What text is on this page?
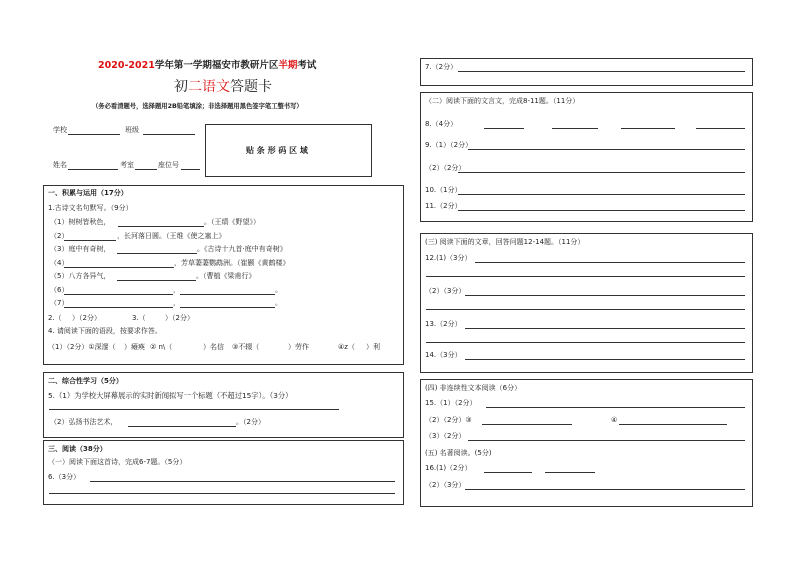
2020-2021学年第一学期福安市教研片区半期考试
初二语文答题卡
（务必看清题号，选择题用2B铅笔填涂；非选择题用黑色签字笔工整书写）
学校	班级
姓名	考室	座位号
贴 条 形 码 区 域
一、积累与运用（17分）
1.古诗文名句默写。（9分）
（1）树树皆秋色，	。（王绩《野望》）
（2）	，长河落日圆。（王维《使之塞上》
（3）庭中有奇树，	。《古诗十九首·庭中有奇树》
（4）	，芳草萋萋鹦鹉洲。（崔颢《黄鹤楼》
（5）八方各异气，	。（曹植《梁甫行》
（6）	，	。
（7）	，	。
2.（ ）（2分）	3.（	）（2分）
4. 请阅读下面的语段，按要求作答。
（1）（2分）①深邃（ ）瘫痪 ② n\（	）名信 ③不辍（	）劳作	④z（ ）利
二、综合性学习（5分）
5.（1）为学校大屏幕展示的实时新闻拟写一个标题（不超过15字）。（3分）
（2）弘扬书法艺术，	。（2分）
三、阅读（38分）
（一）阅读下面这首诗，完成6-7题。（5分）
6.（3分）
7.（2分）
（二）阅读下面的文言文，完成8-11题。（11分）
8.（4分）
9.（1）（2分）
（2）（2分）
10.（1分）
11.（2分）
(三) 阅读下面的文章，回答问题12-14题。（11分）
12.(1)（3分）
（2）（3分）
13.（2分）
14.（3分）
(四) 非连续性文本阅读（6分）
15.（1）（2分）
（2）（2分）③	④
（3）（2分）
(五) 名著阅读。(5分)
16.(1)（2分）
（2）（3分）
